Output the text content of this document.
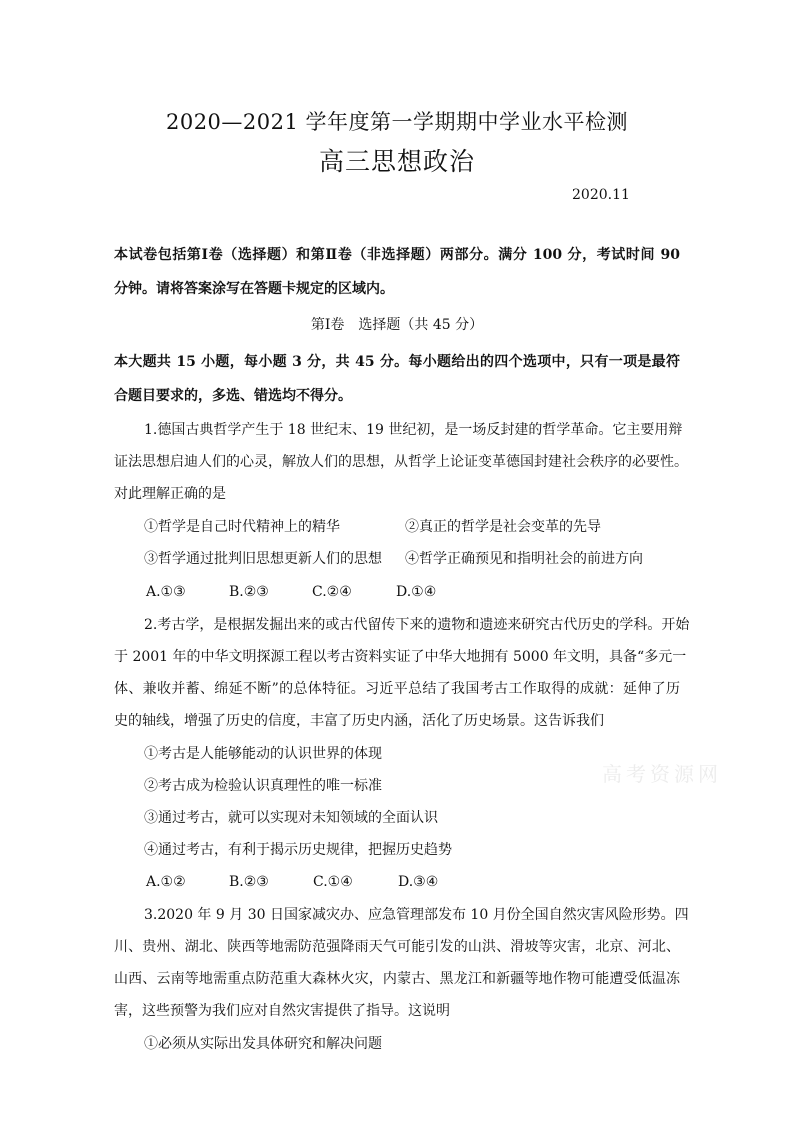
2020—2021 学年度第一学期期中学业水平检测
高三思想政治
2020.11
本试卷包括第Ⅰ卷（选择题）和第Ⅱ卷（非选择题）两部分。满分 100 分，考试时间 90
分钟。请将答案涂写在答题卡规定的区域内。
第Ⅰ卷　选择题（共 45 分）
本大题共 15 小题，每小题 3 分，共 45 分。每小题给出的四个选项中，只有一项是最符
合题目要求的，多选、错选均不得分。
1.德国古典哲学产生于 18 世纪末、19 世纪初，是一场反封建的哲学革命。它主要用辩
证法思想启迪人们的心灵，解放人们的思想，从哲学上论证变革德国封建社会秩序的必要性。
对此理解正确的是
①哲学是自己时代精神上的精华	②真正的哲学是社会变革的先导
③哲学通过批判旧思想更新人们的思想 ④哲学正确预见和指明社会的前进方向
A.①③	B.②③	C.②④	D.①④
2.考古学，是根据发掘出来的或古代留传下来的遗物和遗迹来研究古代历史的学科。开始
于 2001 年的中华文明探源工程以考古资料实证了中华大地拥有 5000 年文明，具备“多元一
体、兼收并蓄、绵延不断”的总体特征。习近平总结了我国考古工作取得的成就：延伸了历
史的轴线，增强了历史的信度，丰富了历史内涵，活化了历史场景。这告诉我们
①考古是人能够能动的认识世界的体现
②考古成为检验认识真理性的唯一标准
③通过考古，就可以实现对未知领域的全面认识
④通过考古，有利于揭示历史规律，把握历史趋势
A.①②	B.②③	C.①④	D.③④
3.2020 年 9 月 30 日国家减灾办、应急管理部发布 10 月份全国自然灾害风险形势。四
川、贵州、湖北、陕西等地需防范强降雨天气可能引发的山洪、滑坡等灾害，北京、河北、
山西、云南等地需重点防范重大森林火灾，内蒙古、黑龙江和新疆等地作物可能遭受低温冻
害，这些预警为我们应对自然灾害提供了指导。这说明
①必须从实际出发具体研究和解决问题
高考资源网
